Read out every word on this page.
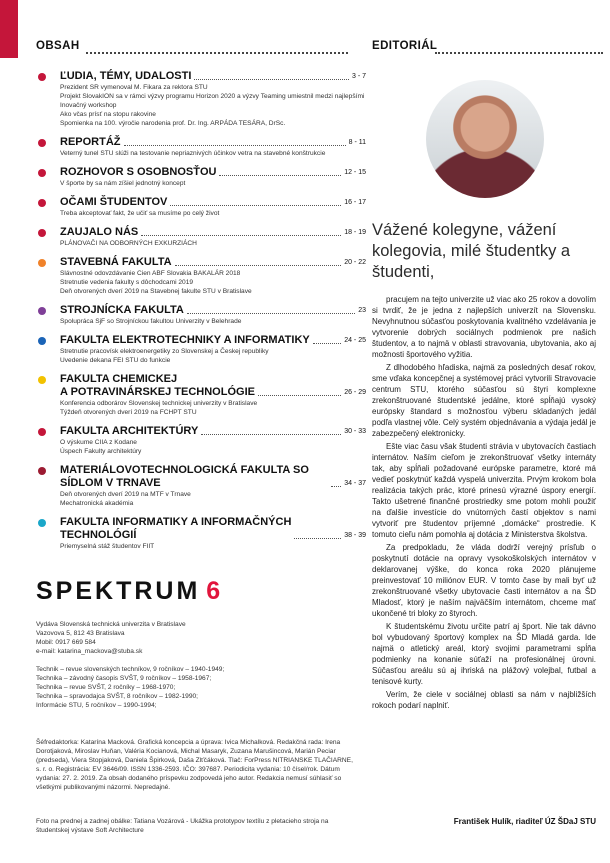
OBSAH	EDITORIÁL
ĽUDIA, TÉMY, UDALOSTI	3 - 7
Prezident SR vymenoval M. Fikara za rektora STU
Projekt SlovakION sa v rámci výzvy programu Horizon 2020 a výzvy Teaming umiestnil medzi najlepšími
Inovačný workshop
Ako včas prísť na stopu rakovine
Spomienka na 100. výročie narodenia prof. Dr. Ing. ARPÁDA TESÁRA, DrSc.
REPORTÁŽ	8 - 11
Veterný tunel STU slúži na testovanie nepriaznivých účinkov vetra na stavebné konštrukcie
ROZHOVOR S OSOBNOSŤOU	12 - 15
V športe by sa nám zíšiel jednotný koncept
OČAMI ŠTUDENTOV	16 - 17
Treba akceptovať fakt, že učiť sa musíme po celý život
ZAUJALO NÁS	18 - 19
PLÁNOVAČI NA ODBORNÝCH EXKURZIÁCH
STAVEBNÁ FAKULTA	20 - 22
Slávnostné odovzdávanie Cien ABF Slovakia BAKALÁR 2018
Stretnutie vedenia fakulty s dôchodcami 2019
Deň otvorených dverí 2019 na Stavebnej fakulte STU v Bratislave
STROJNÍCKA FAKULTA	23
Spolupráca SjF so Strojníckou fakultou Univerzity v Belehrade
FAKULTA ELEKTROTECHNIKY A INFORMATIKY	24 - 25
Stretnutie pracovísk elektroenergetiky zo Slovenskej a Českej republiky
Uvedenie dekana FEI STU do funkcie
FAKULTA CHEMICKEJ
A POTRAVINÁRSKEJ TECHNOLÓGIE	26 - 29
Konferencia odborárov Slovenskej technickej univerzity v Bratislave
Týždeň otvorených dverí 2019 na FCHPT STU
FAKULTA ARCHITEKTÚRY	30 - 33
O výskume CIIA z Kodane
Úspech Fakulty architektúry
MATERIÁLOVOTECHNOLOGICKÁ FAKULTA SO SÍDLOM V TRNAVE	34 - 37
Deň otvorených dverí 2019 na MTF v Trnave
Mechatronická akadémia
FAKULTA INFORMATIKY A INFORMAČNÝCH
TECHNOLÓGIÍ	38 - 39
Priemyselná stáž študentov FIIT
SPEKTRUM 6
Vydáva Slovenská technická univerzita v Bratislave
Vazovova 5, 812 43 Bratislava
Mobil: 0917 669 584
e-mail: katarina_mackova@stuba.sk
Technik – revue slovenských techníkov, 9 ročníkov – 1940-1949;
Technika – závodný časopis SVŠT, 9 ročníkov – 1958-1967;
Technika – revue SVŠT, 2 ročníky – 1968-1970;
Technika – spravodajca SVŠT, 8 ročníkov – 1982-1990;
Informácie STU, 5 ročníkov – 1990-1994;
Šéfredaktorka: Katarína Macková. Grafická koncepcia a úprava: Ivica Michalková. Redakčná rada: Irena Dorotjaková, Miroslav Huňan, Valéria Kocianová, Michal Masaryk, Zuzana Marušincová, Marián Peciar (predseda), Viera Stopjaková, Daniela Špirková, Daša Zlťčáková. Tlač: ForPress NITRIANSKE TLAČIARNE, s. r. o. Registrácia: EV 3646/09. ISSN 1336-2593. IČO: 397687. Periodicita vydania: 10 čísel/rok. Dátum vydania: 27. 2. 2019. Za obsah dodaného príspevku zodpovedá jeho autor. Redakcia nemusí súhlasiť so všetkými publikovanými názormi. Nepredajné.
Foto na prednej a zadnej obálke: Tatiana Vozárová - Ukážka prototypov textílu z pletacieho stroja na študentskej výstave Soft Architecture
Vážené kolegyne, vážení kolegovia, milé študentky a študenti,

pracujem na tejto univerzite už viac ako 25 rokov a dovolím si tvrdiť, že je jedna z najlepších univerzít na Slovensku. Nevyhnutnou súčasťou poskytovania kvalitného vzdelávania je vytvorenie dobrých sociálnych podmienok pre našich študentov, a to najmä v oblasti stravovania, ubytovania, ako aj možnosti športového vyžitia.

Z dlhodobého hľadiska, najmä za posledných desať rokov, sme vďaka koncepčnej a systémovej práci vytvorili Stravovacie centrum STU, ktorého súčasťou sú štyri komplexne zrekonštruované študentské jedálne, ktoré spĺňajú vysoký európsky štandard s možnosťou výberu skladaných jedál podľa vlastnej vôle. Celý systém objednávania a výdaja jedál je zabezpečený elektronicky.

Ešte viac času však študenti strávia v ubytovacích častiach internátov. Naším cieľom je zrekonštruovať všetky internáty tak, aby spĺňali požadované európske parametre, ktoré má vedieť poskytnúť každá vyspelá univerzita. Prvým krokom bola realizácia takých prác, ktoré prinesú výrazné úspory energií. Takto ušetrené finančné prostriedky sme potom mohli použiť na ďalšie investície do vnútorných častí objektov s nami vytvoriť pre študentov príjemné „domácke“ prostredie. K tomuto cieľu nám pomohla aj dotácia z Ministerstva školstva.

Za predpokladu, že vláda dodrží verejný prísľub o poskytnutí dotácie na opravy vysokoškolských internátov v deklarovanej výške, do konca roka 2020 plánujeme preinvestovať 10 miliónov EUR. V tomto čase by mali byť už zrekonštruované všetky ubytovacie časti internátov a na ŠD Mladosť, ktorý je naším najväčším internátom, chceme mať ukončené tri bloky zo štyroch.

K študentskému životu určite patrí aj šport. Nie tak dávno bol vybudovaný športový komplex na ŠD Mladá garda. Ide najmä o atletický areál, ktorý svojimi parametrami spĺňa podmienky na konanie súťaží na profesionálnej úrovni. Súčasťou areálu sú aj ihriská na plážový volejbal, futbal a tenisové kurty.

Verím, že ciele v sociálnej oblasti sa nám v najbližších rokoch podarí naplniť.

František Hulík, riaditeľ ÚZ ŠDaJ STU
